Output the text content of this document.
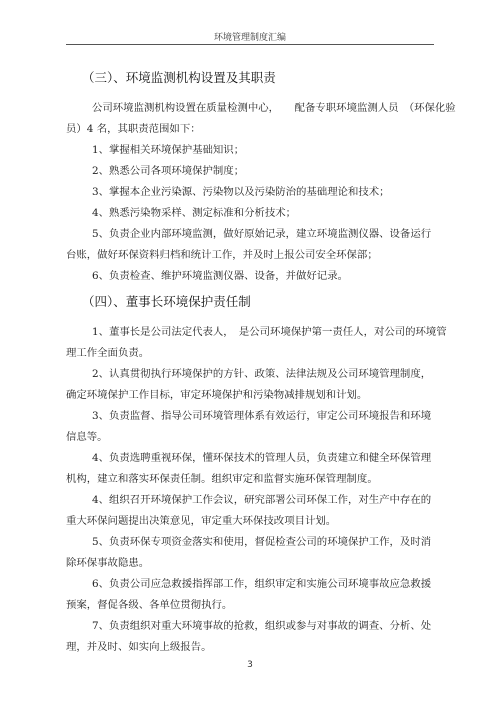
环境管理制度汇编
（三）、环境监测机构设置及其职责
公司环境监测机构设置在质量检测中心，　　配备专职环境监测人员　（环保化验
员）4 名，其职责范围如下：
1、掌握相关环境保护基础知识；
2、熟悉公司各项环境保护制度；
3、掌握本企业污染源、污染物以及污染防治的基础理论和技术；
4、熟悉污染物采样、测定标准和分析技术；
5、负责企业内部环境监测，做好原始记录，建立环境监测仪器、设备运行
台账，做好环保资料归档和统计工作，并及时上报公司安全环保部；
6、负责检查、维护环境监测仪器、设备，并做好记录。
（四）、董事长环境保护责任制
1、董事长是公司法定代表人，　是公司环境保护第一责任人，对公司的环境管
理工作全面负责。
2、认真贯彻执行环境保护的方针、政策、法律法规及公司环境管理制度，
确定环境保护工作目标，审定环境保护和污染物减排规划和计划。
3、负责监督、指导公司环境管理体系有效运行，审定公司环境报告和环境
信息等。
4、负责选聘重视环保，懂环保技术的管理人员，负责建立和健全环保管理
机构，建立和落实环保责任制。组织审定和监督实施环保管理制度。
4、组织召开环境保护工作会议，研究部署公司环保工作，对生产中存在的
重大环保问题提出决策意见，审定重大环保技改项目计划。
5、负责环保专项资金落实和使用，督促检查公司的环境保护工作，及时消
除环保事故隐患。
6、负责公司应急救援指挥部工作，组织审定和实施公司环境事故应急救援
预案，督促各级、各单位贯彻执行。
7、负责组织对重大环境事故的抢救，组织或参与对事故的调查、分析、处
理，并及时、如实向上级报告。
3
